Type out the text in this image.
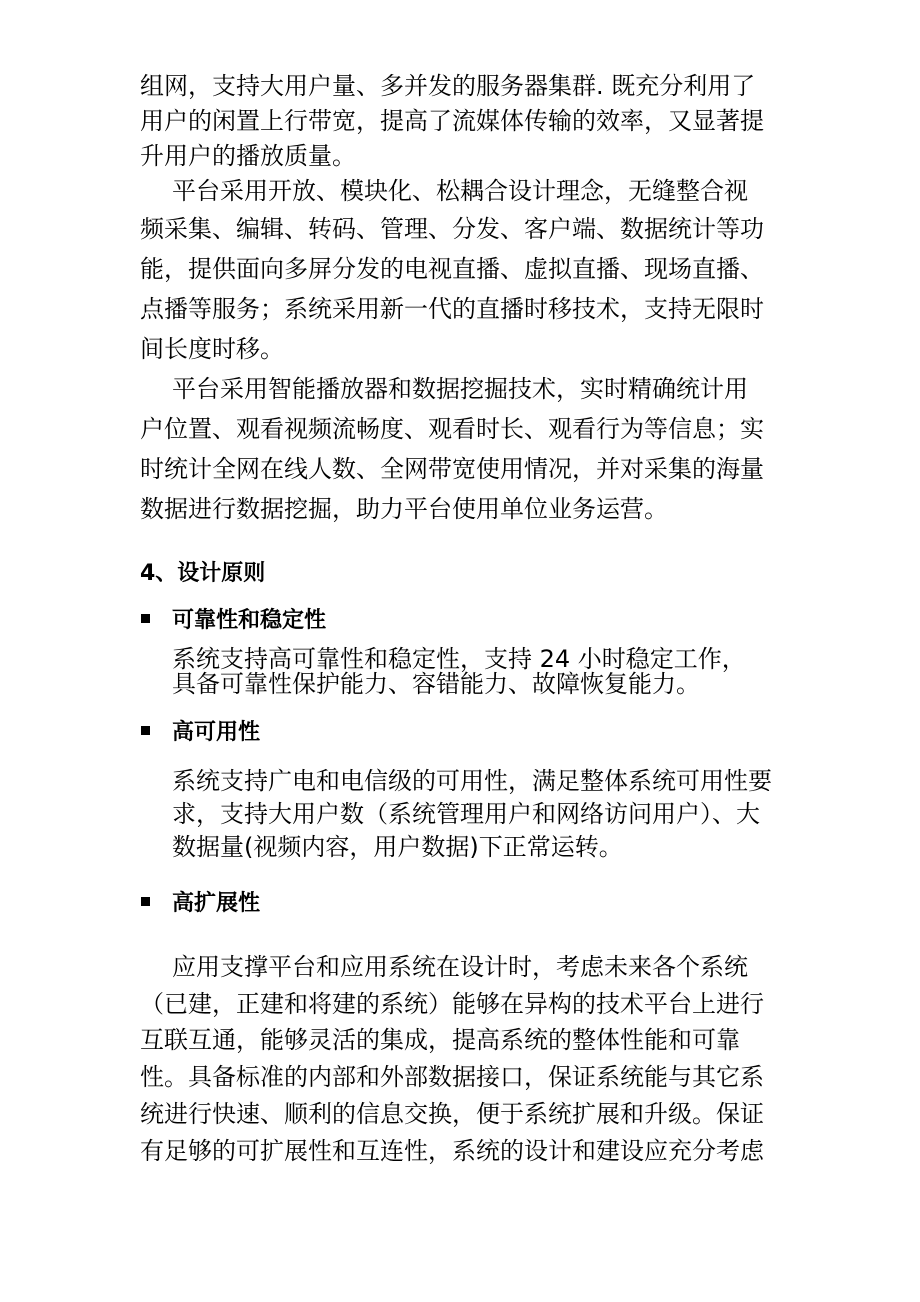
组网，支持大用户量、多并发的服务器集群. 既充分利用了
用户的闲置上行带宽，提高了流媒体传输的效率，又显著提
升用户的播放质量。
平台采用开放、模块化、松耦合设计理念，无缝整合视
频采集、编辑、转码、管理、分发、客户端、数据统计等功
能，提供面向多屏分发的电视直播、虚拟直播、现场直播、
点播等服务；系统采用新一代的直播时移技术，支持无限时
间长度时移。
平台采用智能播放器和数据挖掘技术，实时精确统计用
户位置、观看视频流畅度、观看时长、观看行为等信息；实
时统计全网在线人数、全网带宽使用情况，并对采集的海量
数据进行数据挖掘，助力平台使用单位业务运营。
4、设计原则
可靠性和稳定性
系统支持高可靠性和稳定性，支持 24 小时稳定工作，
具备可靠性保护能力、容错能力、故障恢复能力。
高可用性
系统支持广电和电信级的可用性，满足整体系统可用性要
求，支持大用户数（系统管理用户和网络访问用户）、大
数据量(视频内容，用户数据)下正常运转。
高扩展性
应用支撑平台和应用系统在设计时，考虑未来各个系统
（已建，正建和将建的系统）能够在异构的技术平台上进行
互联互通，能够灵活的集成，提高系统的整体性能和可靠
性。具备标准的内部和外部数据接口，保证系统能与其它系
统进行快速、顺利的信息交换，便于系统扩展和升级。保证
有足够的可扩展性和互连性，系统的设计和建设应充分考虑
